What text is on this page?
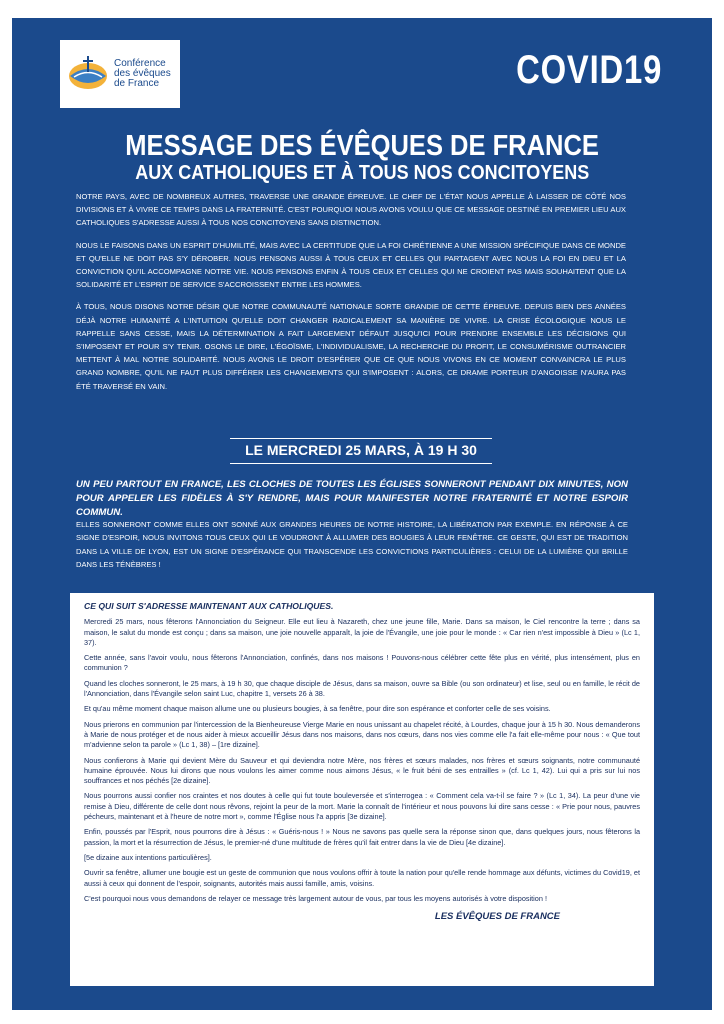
Conférence
des évêques
de France	COVID19
MESSAGE DES ÉVÊQUES DE FRANCE
AUX CATHOLIQUES ET À TOUS NOS CONCITOYENS

NOTRE PAYS, AVEC DE NOMBREUX AUTRES, TRAVERSE UNE GRANDE ÉPREUVE. LE CHEF DE L'ÉTAT NOUS APPELLE À LAISSER DE CÔTÉ NOS DIVISIONS ET À VIVRE CE TEMPS DANS LA FRATERNITÉ. C'EST POURQUOI NOUS AVONS VOULU QUE CE MESSAGE DESTINÉ EN PREMIER LIEU AUX CATHOLIQUES S'ADRESSE AUSSI À TOUS NOS CONCITOYENS SANS DISTINCTION.

NOUS LE FAISONS DANS UN ESPRIT D'HUMILITÉ, MAIS AVEC LA CERTITUDE QUE LA FOI CHRÉTIENNE A UNE MISSION SPÉCIFIQUE DANS CE MONDE ET QU'ELLE NE DOIT PAS S'Y DÉROBER. NOUS PENSONS AUSSI À TOUS CEUX ET CELLES QUI PARTAGENT AVEC NOUS LA FOI EN DIEU ET LA CONVICTION QU'IL ACCOMPAGNE NOTRE VIE. NOUS PENSONS ENFIN À TOUS CEUX ET CELLES QUI NE CROIENT PAS MAIS SOUHAITENT QUE LA SOLIDARITÉ ET L'ESPRIT DE SERVICE S'ACCROISSENT ENTRE LES HOMMES.

À TOUS, NOUS DISONS NOTRE DÉSIR QUE NOTRE COMMUNAUTÉ NATIONALE SORTE GRANDIE DE CETTE ÉPREUVE. DEPUIS BIEN DES ANNÉES DÉJÀ NOTRE HUMANITÉ A L'INTUITION QU'ELLE DOIT CHANGER RADICALEMENT SA MANIÈRE DE VIVRE. LA CRISE ÉCOLOGIQUE NOUS LE RAPPELLE SANS CESSE, MAIS LA DÉTERMINATION A FAIT LARGEMENT DÉFAUT JUSQU'ICI POUR PRENDRE ENSEMBLE LES DÉCISIONS QUI S'IMPOSENT ET POUR S'Y TENIR. OSONS LE DIRE, L'ÉGOÏSME, L'INDIVIDUALISME, LA RECHERCHE DU PROFIT, LE CONSUMÉRISME OUTRANCIER METTENT À MAL NOTRE SOLIDARITÉ. NOUS AVONS LE DROIT D'ESPÉRER QUE CE QUE NOUS VIVONS EN CE MOMENT CONVAINCRA LE PLUS GRAND NOMBRE, QU'IL NE FAUT PLUS DIFFÉRER LES CHANGEMENTS QUI S'IMPOSENT : ALORS, CE DRAME PORTEUR D'ANGOISSE N'AURA PAS ÉTÉ TRAVERSÉ EN VAIN.

LE MERCREDI 25 MARS, À 19 H 30
UN PEU PARTOUT EN FRANCE, LES CLOCHES DE TOUTES LES ÉGLISES SONNERONT PENDANT DIX MINUTES, NON POUR APPELER LES FIDÈLES À S'Y RENDRE, MAIS POUR MANIFESTER NOTRE FRATERNITÉ ET NOTRE ESPOIR COMMUN.
ELLES SONNERONT COMME ELLES ONT SONNÉ AUX GRANDES HEURES DE NOTRE HISTOIRE, LA LIBÉRATION PAR EXEMPLE. EN RÉPONSE À CE SIGNE D'ESPOIR, NOUS INVITONS TOUS CEUX QUI LE VOUDRONT À ALLUMER DES BOUGIES À LEUR FENÊTRE. CE GESTE, QUI EST DE TRADITION DANS LA VILLE DE LYON, EST UN SIGNE D'ESPÉRANCE QUI TRANSCENDE LES CONVICTIONS PARTICULIÈRES : CELUI DE LA LUMIÈRE QUI BRILLE DANS LES TÉNÈBRES !
CE QUI SUIT S'ADRESSE MAINTENANT AUX CATHOLIQUES.

Mercredi 25 mars, nous fêterons l'Annonciation du Seigneur. Elle eut lieu à Nazareth, chez une jeune fille, Marie. Dans sa maison, le Ciel rencontre la terre ; dans sa maison, le salut du monde est conçu ; dans sa maison, une joie nouvelle apparaît, la joie de l'Évangile, une joie pour le monde : « Car rien n'est impossible à Dieu » (Lc 1, 37).

Cette année, sans l'avoir voulu, nous fêterons l'Annonciation, confinés, dans nos maisons ! Pouvons-nous célébrer cette fête plus en vérité, plus intensément, plus en communion ?

Quand les cloches sonneront, le 25 mars, à 19 h 30, que chaque disciple de Jésus, dans sa maison, ouvre sa Bible (ou son ordinateur) et lise, seul ou en famille, le récit de l'Annonciation, dans l'Évangile selon saint Luc, chapitre 1, versets 26 à 38.

Et qu'au même moment chaque maison allume une ou plusieurs bougies, à sa fenêtre, pour dire son espérance et conforter celle de ses voisins.

Nous prierons en communion par l'intercession de la Bienheureuse Vierge Marie en nous unissant au chapelet récité, à Lourdes, chaque jour à 15 h 30. Nous demanderons à Marie de nous protéger et de nous aider à mieux accueillir Jésus dans nos maisons, dans nos cœurs, dans nos vies comme elle l'a fait elle-même pour nous : « Que tout m'advienne selon ta parole » (Lc 1, 38) – [1re dizaine].

Nous confierons à Marie qui devient Mère du Sauveur et qui deviendra notre Mère, nos frères et sœurs malades, nos frères et sœurs soignants, notre communauté humaine éprouvée. Nous lui dirons que nous voulons les aimer comme nous aimons Jésus, « le fruit béni de ses entrailles » (cf. Lc 1, 42). Lui qui a pris sur lui nos souffrances et nos péchés [2e dizaine].

Nous pourrons aussi confier nos craintes et nos doutes à celle qui fut toute bouleversée et s'interrogea : « Comment cela va-t-il se faire ? » (Lc 1, 34). La peur d'une vie remise à Dieu, différente de celle dont nous rêvons, rejoint la peur de la mort. Marie la connaît de l'intérieur et nous pouvons lui dire sans cesse : « Prie pour nous, pauvres pécheurs, maintenant et à l'heure de notre mort », comme l'Église nous l'a appris [3e dizaine].

Enfin, poussés par l'Esprit, nous pourrons dire à Jésus : « Guéris-nous ! » Nous ne savons pas quelle sera la réponse sinon que, dans quelques jours, nous fêterons la passion, la mort et la résurrection de Jésus, le premier-né d'une multitude de frères qu'il fait entrer dans la vie de Dieu [4e dizaine].

[5e dizaine aux intentions particulières].

Ouvrir sa fenêtre, allumer une bougie est un geste de communion que nous voulons offrir à toute la nation pour qu'elle rende hommage aux défunts, victimes du Covid19, et aussi à ceux qui donnent de l'espoir, soignants, autorités mais aussi famille, amis, voisins.

C'est pourquoi nous vous demandons de relayer ce message très largement autour de vous, par tous les moyens autorisés à votre disposition !

LES ÉVÊQUES DE FRANCE
